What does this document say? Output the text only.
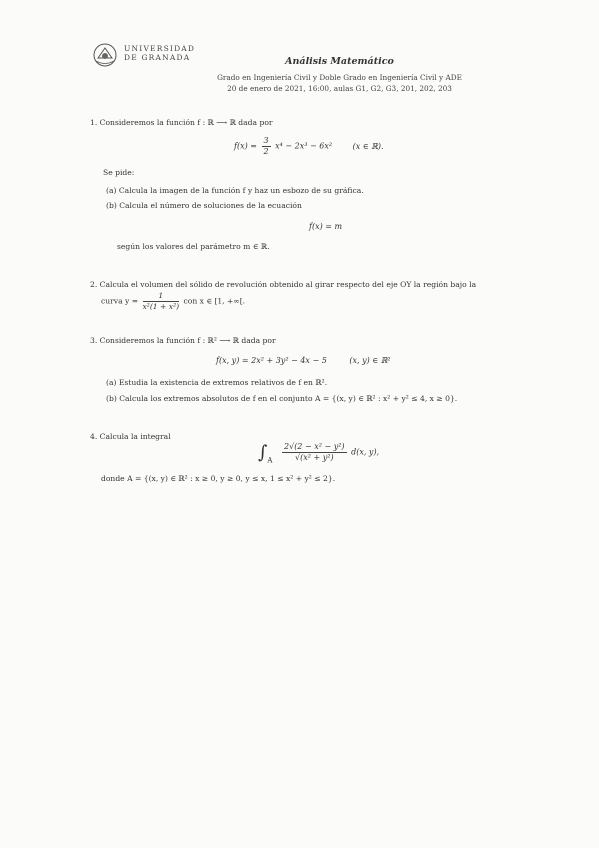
UNIVERSIDAD
DE GRANADA	Análisis Matemático
Grado en Ingeniería Civil y Doble Grado en Ingeniería Civil y ADE
20 de enero de 2021, 16:00, aulas G1, G2, G3, 201, 202, 203
1. Consideremos la función f : ℝ ⟶ ℝ dada por
$f(x) = \frac{3}{2} x^4 - 2x^3 - 6x^2$	(x ∈ ℝ).
Se pide:
(a) Calcula la imagen de la función f y haz un esbozo de su gráfica.
(b) Calcula el número de soluciones de la ecuación
f(x) = m
según los valores del parámetro m ∈ ℝ.
2. Calcula el volumen del sólido de revolución obtenido al girar respecto del eje OY la región bajo la
curva $y = \frac{1}{\text{x²(1 + x²)}}$ con x ∈ [1, +∞[.
3. Consideremos la función f : ℝ² ⟶ ℝ dada por
f(x, y) = 2x² + 3y² − 4x − 5	(x, y) ∈ ℝ²
(a) Estudia la existencia de extremos relativos de f en ℝ².
(b) Calcula los extremos absolutos de f en el conjunto A = {(x, y) ∈ ℝ² : x² + y² ≤ 4, x ≥ 0}.
4. Calcula la integral
$\int_A \frac{\text{2√(2 − x² − y²)}}{\text{√(x² + y²)}} d(x$, y),
donde A = {(x, y) ∈ ℝ² : x ≥ 0, y ≥ 0, y ≤ x, 1 ≤ x² + y² ≤ 2}.
